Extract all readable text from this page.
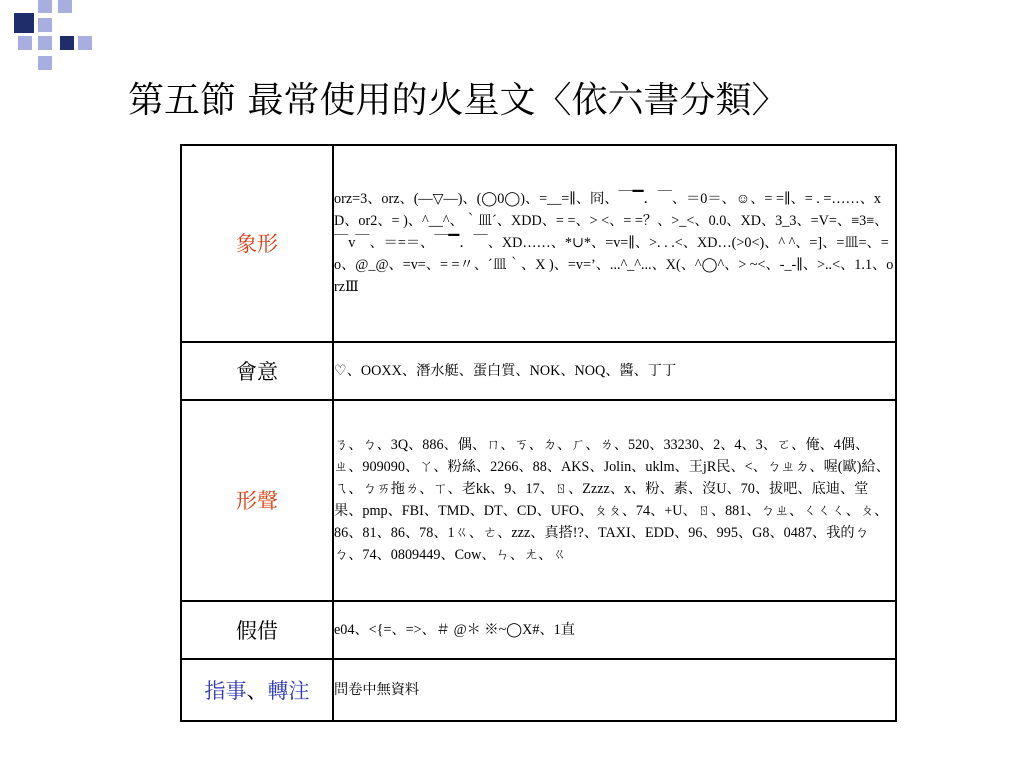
第五節 最常使用的火星文〈依六書分類〉
象形	orz=3、orz、(—▽—)、(◯0◯)、=__=∥、冏、￣▔．￣、＝0＝、☺、= =∥、= . =……、xD、or2、= )、^__^、｀皿´、XDD、= =、> <、= =？、>_<、0.0、XD、3_3、=V=、≡3≡、￣v￣、＝=＝、￣▔．￣、XD……、*∪*、=v=∥、>. . .<、XD…(>0<)、^ ^、=]、=皿=、= o、@_@、=v=、= =〃、´皿｀、X )、=v=’、...^_^...、X(、^◯^、> ~<、-_-∥、>..<、1.1、orzⅢ
會意	♡、OOXX、潛水艇、蛋白質、NOK、NOQ、醬、丁丁
形聲	ㄋ、ㄅ、3Q、886、偶、ㄇ、ㄎ、ㄉ、ㄏ、ㄌ、520、33230、2、4、3、ㄛ、俺、4偶、ㄓ、909090、ㄚ、粉絲、2266、88、AKS、Jolin、uklm、王jR民、<、ㄅㄓㄉ、喔(歐)給、ㄟ、ㄅㄞ拖ㄌ、ㄒ、老kk、9、17、ㄖ、Zzzz、x、粉、素、沒U、70、拔吧、底迪、堂果、pmp、FBI、TMD、DT、CD、UFO、ㄆㄆ、74、+U、ㄖ、881、ㄅㄓ、ㄑㄑㄑ、ㄆ、86、81、86、78、1ㄍ、ㄜ、zzz、真搭!?、TAXI、EDD、96、995、G8、0487、我的ㄅㄅ、74、0809449、Cow、ㄣ、ㄤ、ㄍ
假借	e04、<{=、=>、＃ @＊ ※~◯X#、1直
指事、轉注	問卷中無資料
